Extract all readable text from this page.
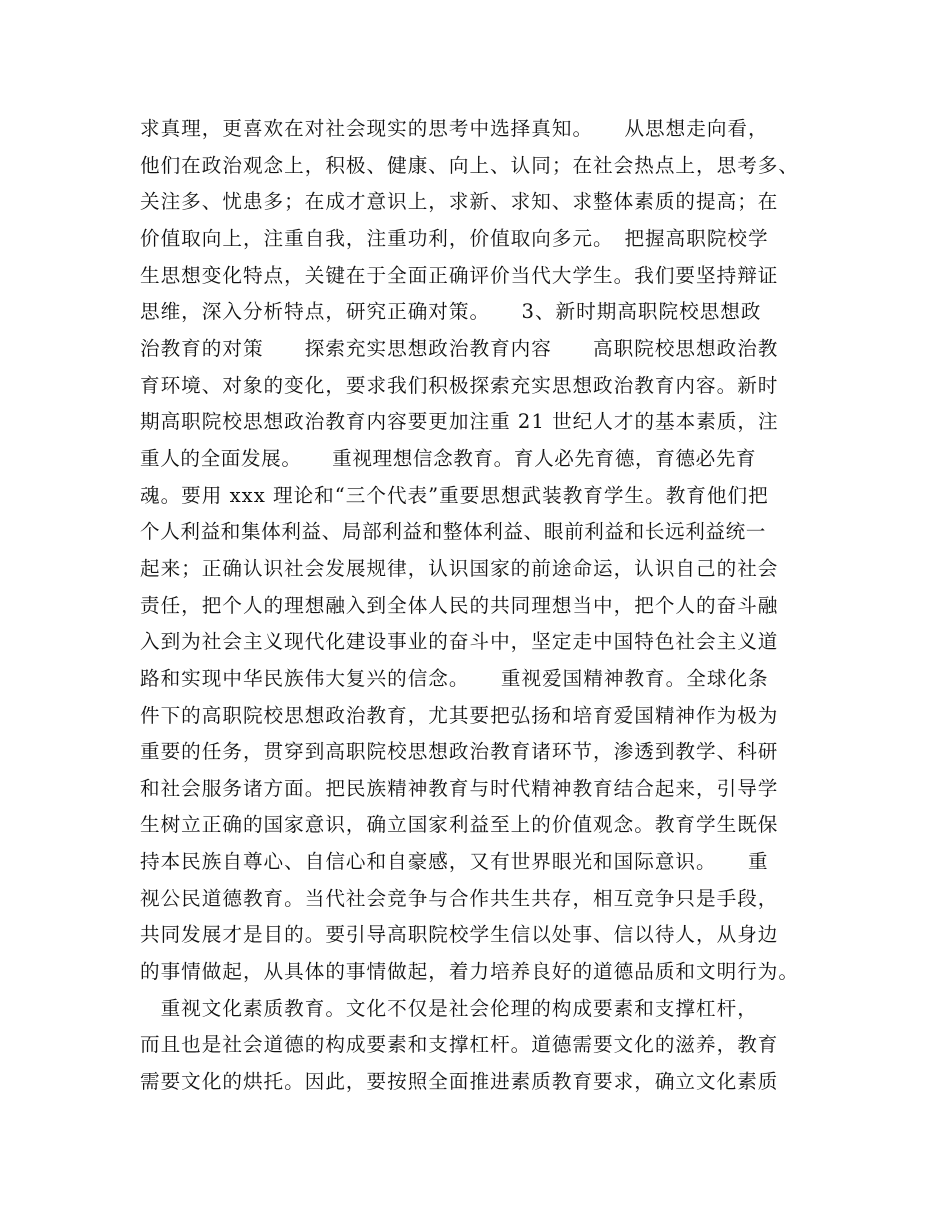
求真理，更喜欢在对社会现实的思考中选择真知。　　从思想走向看，
他们在政治观念上，积极、健康、向上、认同；在社会热点上，思考多、
关注多、忧患多；在成才意识上，求新、求知、求整体素质的提高；在
价值取向上，注重自我，注重功利，价值取向多元。　把握高职院校学
生思想变化特点，关键在于全面正确评价当代大学生。我们要坚持辩证
思维，深入分析特点，研究正确对策。　　3、新时期高职院校思想政
治教育的对策　　探索充实思想政治教育内容　　高职院校思想政治教
育环境、对象的变化，要求我们积极探索充实思想政治教育内容。新时
期高职院校思想政治教育内容要更加注重 21 世纪人才的基本素质，注
重人的全面发展。　　重视理想信念教育。育人必先育德，育德必先育
魂。要用 xxx 理论和“三个代表”重要思想武装教育学生。教育他们把
个人利益和集体利益、局部利益和整体利益、眼前利益和长远利益统一
起来；正确认识社会发展规律，认识国家的前途命运，认识自己的社会
责任，把个人的理想融入到全体人民的共同理想当中，把个人的奋斗融
入到为社会主义现代化建设事业的奋斗中，坚定走中国特色社会主义道
路和实现中华民族伟大复兴的信念。　　重视爱国精神教育。全球化条
件下的高职院校思想政治教育，尤其要把弘扬和培育爱国精神作为极为
重要的任务，贯穿到高职院校思想政治教育诸环节，渗透到教学、科研
和社会服务诸方面。把民族精神教育与时代精神教育结合起来，引导学
生树立正确的国家意识，确立国家利益至上的价值观念。教育学生既保
持本民族自尊心、自信心和自豪感，又有世界眼光和国际意识。　　重
视公民道德教育。当代社会竞争与合作共生共存，相互竞争只是手段，
共同发展才是目的。要引导高职院校学生信以处事、信以待人，从身边
的事情做起，从具体的事情做起，着力培养良好的道德品质和文明行为。
　重视文化素质教育。文化不仅是社会伦理的构成要素和支撑杠杆，
而且也是社会道德的构成要素和支撑杠杆。道德需要文化的滋养，教育
需要文化的烘托。因此，要按照全面推进素质教育要求，确立文化素质
